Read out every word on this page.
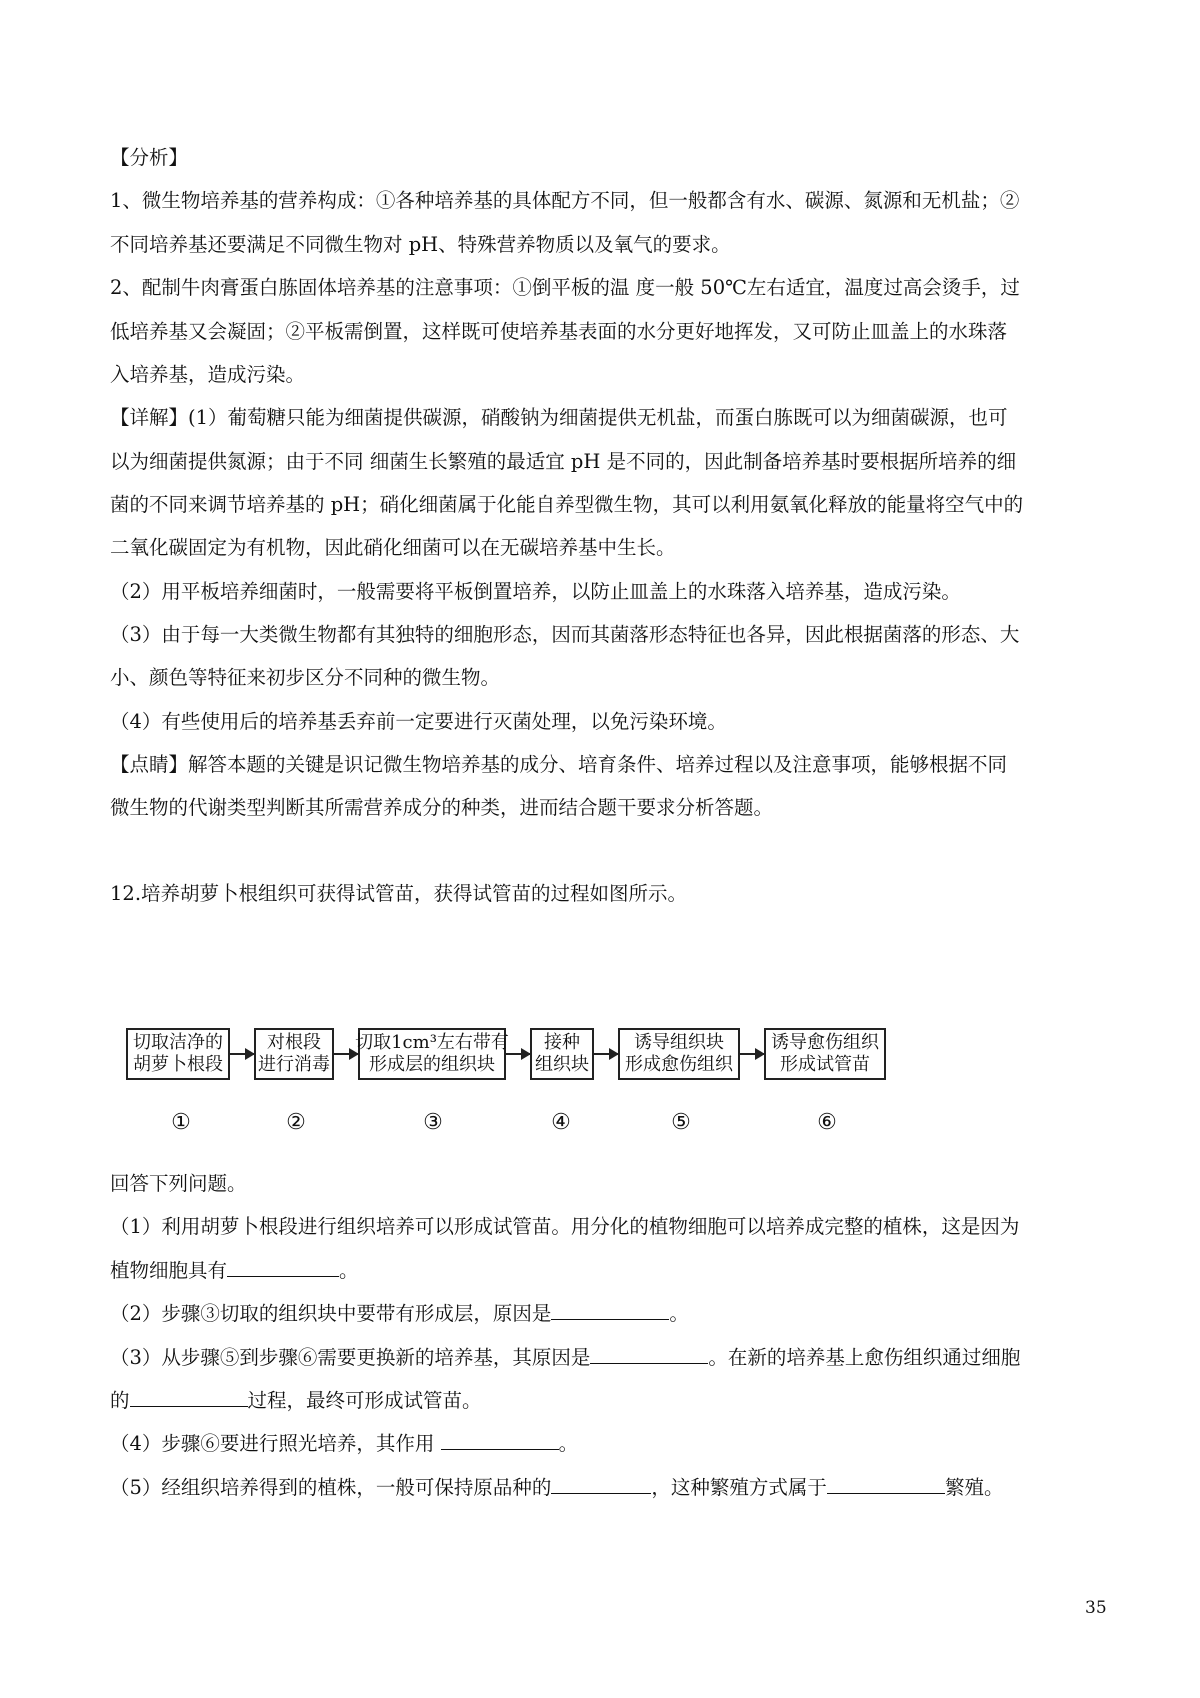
【分析】

1、微生物培养基的营养构成：①各种培养基的具体配方不同，但一般都含有水、碳源、氮源和无机盐；②

不同培养基还要满足不同微生物对 pH、特殊营养物质以及氧气的要求。

2、配制牛肉膏蛋白胨固体培养基的注意事项：①倒平板的温 度一般 50℃左右适宜，温度过高会烫手，过

低培养基又会凝固；②平板需倒置，这样既可使培养基表面的水分更好地挥发，又可防止皿盖上的水珠落

入培养基，造成污染。

【详解】(1）葡萄糖只能为细菌提供碳源，硝酸钠为细菌提供无机盐，而蛋白胨既可以为细菌碳源，也可

以为细菌提供氮源；由于不同 细菌生长繁殖的最适宜 pH 是不同的，因此制备培养基时要根据所培养的细

菌的不同来调节培养基的 pH；硝化细菌属于化能自养型微生物，其可以利用氨氧化释放的能量将空气中的

二氧化碳固定为有机物，因此硝化细菌可以在无碳培养基中生长。

（2）用平板培养细菌时，一般需要将平板倒置培养，以防止皿盖上的水珠落入培养基，造成污染。

（3）由于每一大类微生物都有其独特的细胞形态，因而其菌落形态特征也各异，因此根据菌落的形态、大

小、颜色等特征来初步区分不同种的微生物。

（4）有些使用后的培养基丢弃前一定要进行灭菌处理，以免污染环境。

【点睛】解答本题的关键是识记微生物培养基的成分、培育条件、培养过程以及注意事项，能够根据不同

微生物的代谢类型判断其所需营养成分的种类，进而结合题干要求分析答题。

12.培养胡萝卜根组织可获得试管苗，获得试管苗的过程如图所示。

切取洁净的
胡萝卜根段
对根段
进行消毒
切取1cm³左右带有
形成层的组织块
接种
组织块
诱导组织块
形成愈伤组织
诱导愈伤组织
形成试管苗
①	②	③	④	⑤	⑥

回答下列问题。

（1）利用胡萝卜根段进行组织培养可以形成试管苗。用分化的植物细胞可以培养成完整的植株，这是因为

植物细胞具有	。

（2）步骤③切取的组织块中要带有形成层，原因是	。

（3）从步骤⑤到步骤⑥需要更换新的培养基，其原因是	。在新的培养基上愈伤组织通过细胞

的	过程，最终可形成试管苗。

（4）步骤⑥要进行照光培养，其作用	。

（5）经组织培养得到的植株，一般可保持原品种的	，这种繁殖方式属于	繁殖。

35
